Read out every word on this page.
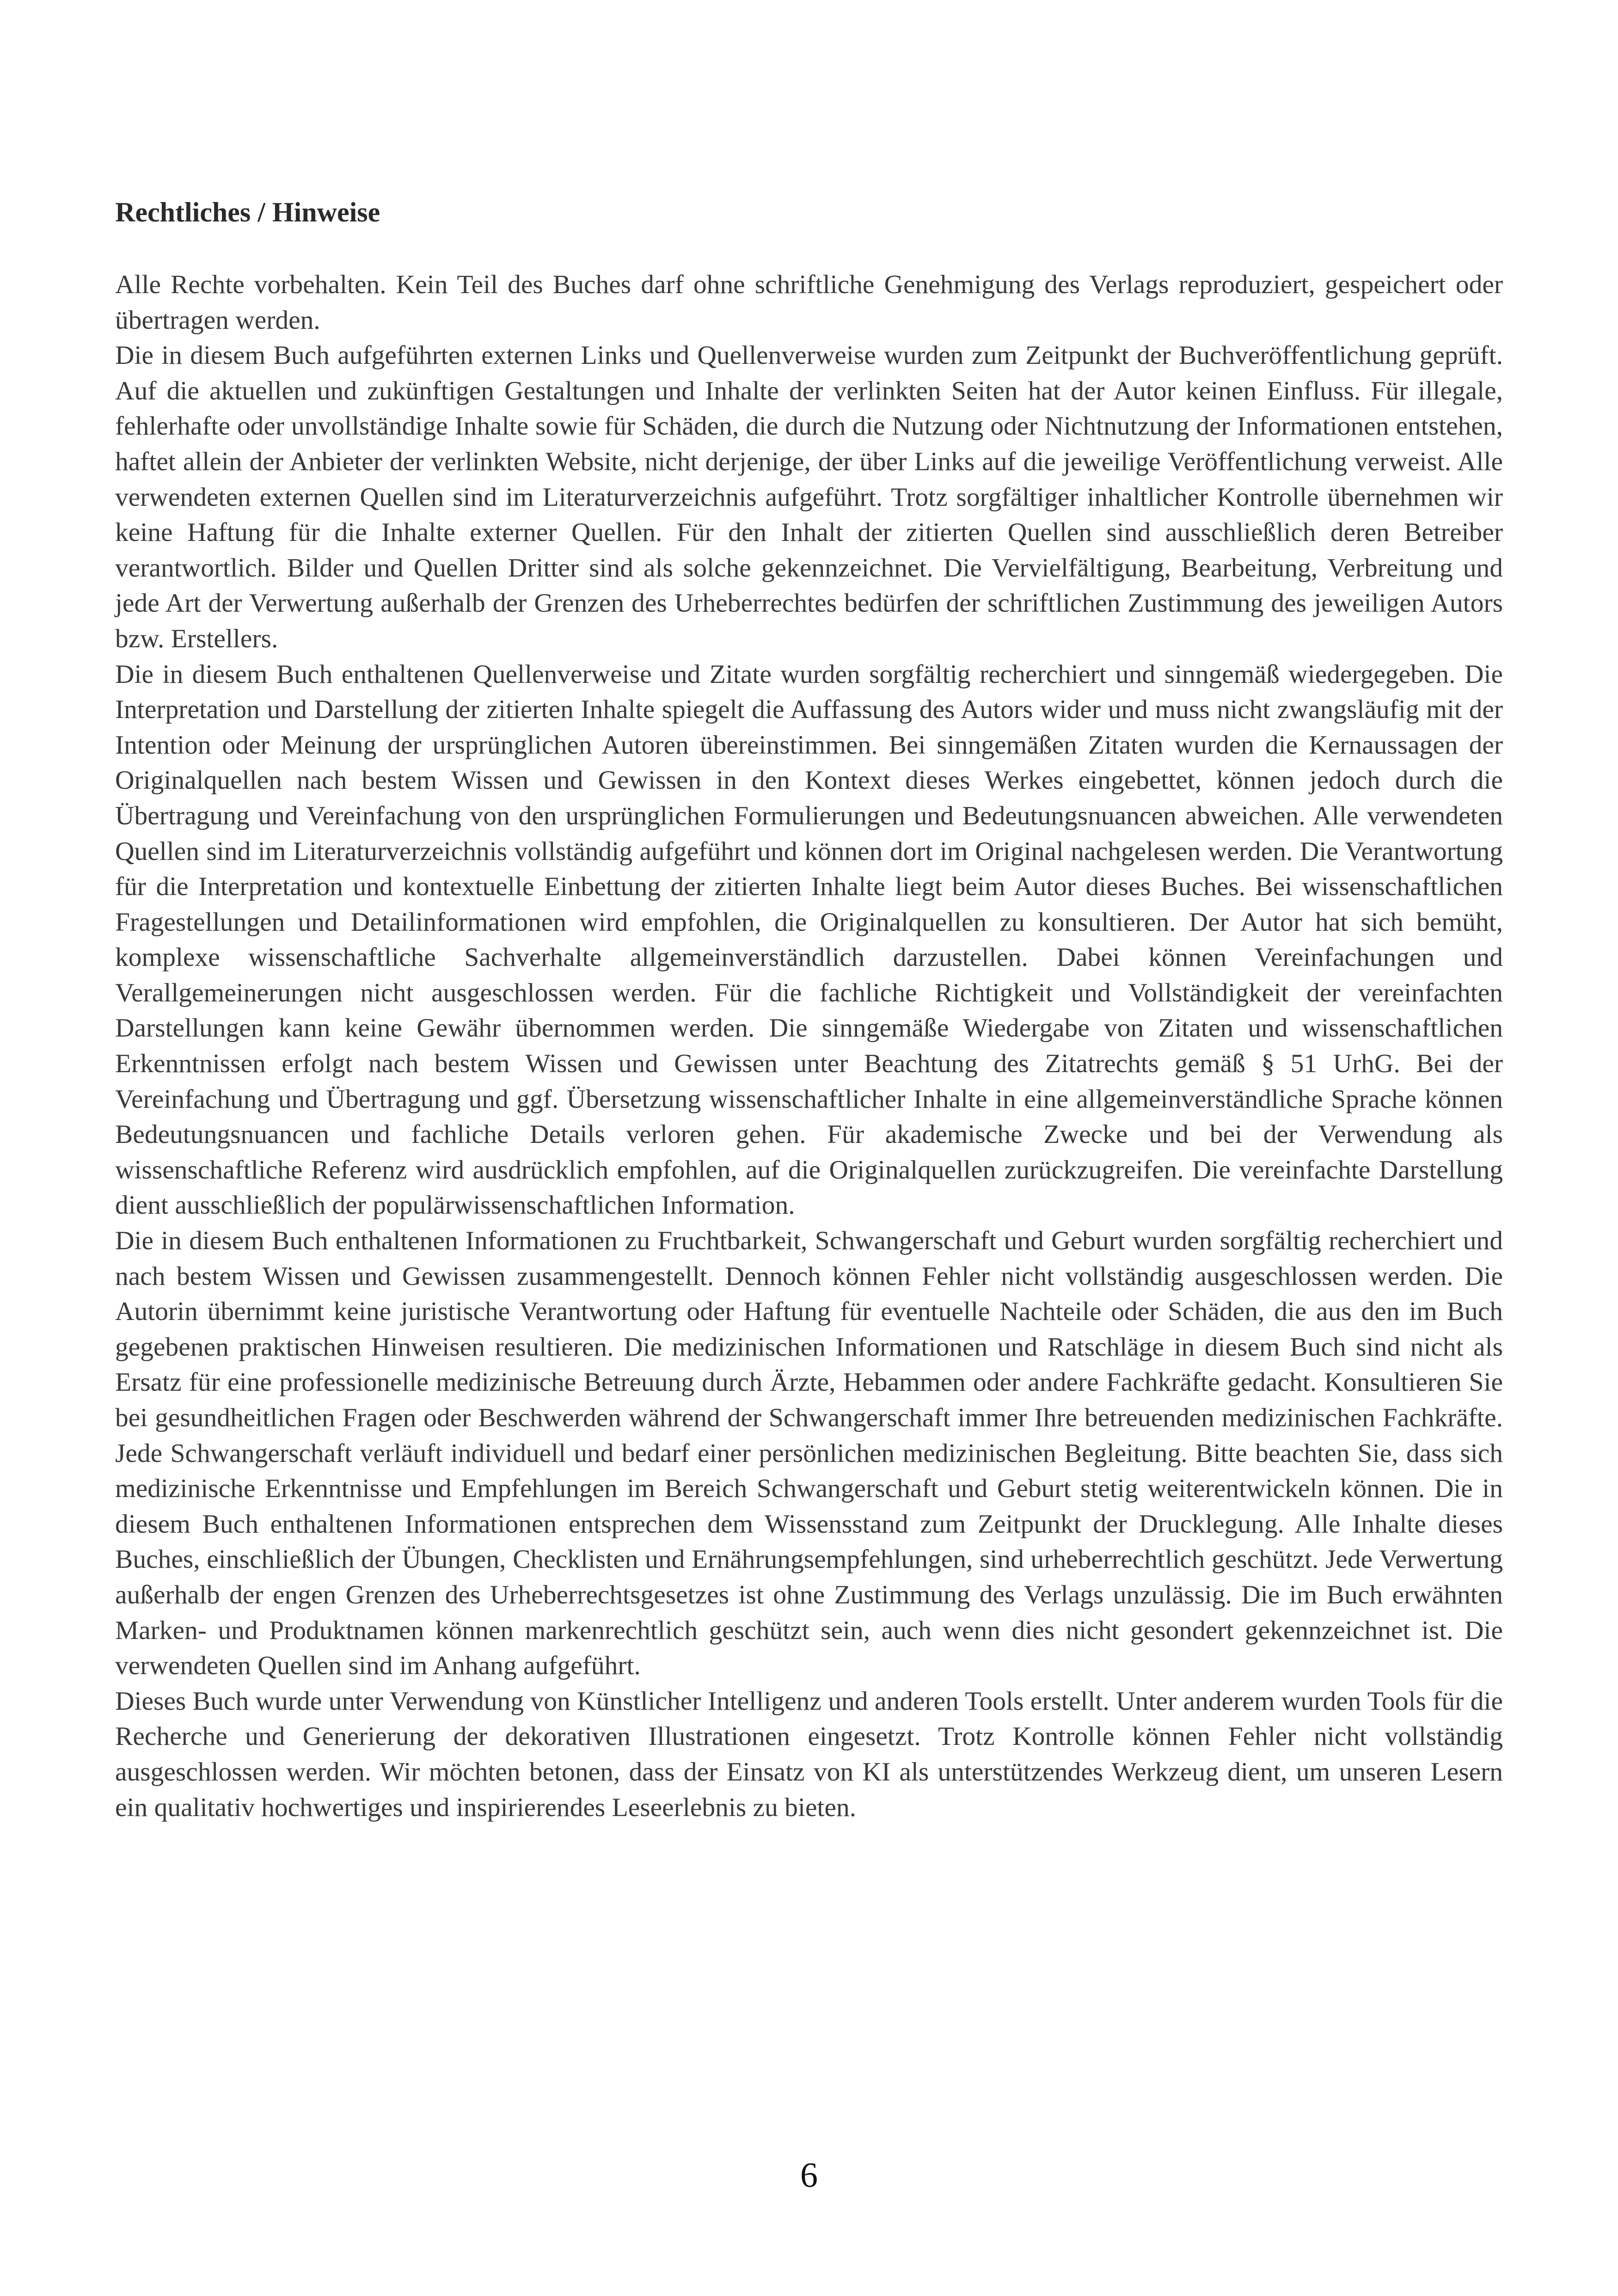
Rechtliches / Hinweise

Alle Rechte vorbehalten. Kein Teil des Buches darf ohne schriftliche Genehmigung des Verlags reproduziert, gespeichert oder übertragen werden.

Die in diesem Buch aufgeführten externen Links und Quellenverweise wurden zum Zeitpunkt der Buchveröffentlichung geprüft. Auf die aktuellen und zukünftigen Gestaltungen und Inhalte der verlinkten Seiten hat der Autor keinen Einfluss. Für illegale, fehlerhafte oder unvollständige Inhalte sowie für Schäden, die durch die Nutzung oder Nichtnutzung der Informationen entstehen, haftet allein der Anbieter der verlinkten Website, nicht derjenige, der über Links auf die jeweilige Veröffentlichung verweist. Alle verwendeten externen Quellen sind im Literaturverzeichnis aufgeführt. Trotz sorgfältiger inhaltlicher Kontrolle übernehmen wir keine Haftung für die Inhalte externer Quellen. Für den Inhalt der zitierten Quellen sind ausschließlich deren Betreiber verantwortlich. Bilder und Quellen Dritter sind als solche gekennzeichnet. Die Vervielfältigung, Bearbeitung, Verbreitung und jede Art der Verwertung außerhalb der Grenzen des Urheberrechtes bedürfen der schriftlichen Zustimmung des jeweiligen Autors bzw. Erstellers.

Die in diesem Buch enthaltenen Quellenverweise und Zitate wurden sorgfältig recherchiert und sinngemäß wiedergegeben. Die Interpretation und Darstellung der zitierten Inhalte spiegelt die Auffassung des Autors wider und muss nicht zwangsläufig mit der Intention oder Meinung der ursprünglichen Autoren übereinstimmen. Bei sinngemäßen Zitaten wurden die Kernaussagen der Originalquellen nach bestem Wissen und Gewissen in den Kontext dieses Werkes eingebettet, können jedoch durch die Übertragung und Vereinfachung von den ursprünglichen Formulierungen und Bedeutungsnuancen abweichen. Alle verwendeten Quellen sind im Literaturverzeichnis vollständig aufgeführt und können dort im Original nachgelesen werden. Die Verantwortung für die Interpretation und kontextuelle Einbettung der zitierten Inhalte liegt beim Autor dieses Buches. Bei wissenschaftlichen Fragestellungen und Detailinformationen wird empfohlen, die Originalquellen zu konsultieren. Der Autor hat sich bemüht, komplexe wissenschaftliche Sachverhalte allgemeinverständlich darzustellen. Dabei können Vereinfachungen und Verallgemeinerungen nicht ausgeschlossen werden. Für die fachliche Richtigkeit und Vollständigkeit der vereinfachten Darstellungen kann keine Gewähr übernommen werden. Die sinngemäße Wiedergabe von Zitaten und wissenschaftlichen Erkenntnissen erfolgt nach bestem Wissen und Gewissen unter Beachtung des Zitatrechts gemäß § 51 UrhG. Bei der Vereinfachung und Übertragung und ggf. Übersetzung wissenschaftlicher Inhalte in eine allgemeinverständliche Sprache können Bedeutungsnuancen und fachliche Details verloren gehen. Für akademische Zwecke und bei der Verwendung als wissenschaftliche Referenz wird ausdrücklich empfohlen, auf die Originalquellen zurückzugreifen. Die vereinfachte Darstellung dient ausschließlich der populärwissenschaftlichen Information.

Die in diesem Buch enthaltenen Informationen zu Fruchtbarkeit, Schwangerschaft und Geburt wurden sorgfältig recherchiert und nach bestem Wissen und Gewissen zusammengestellt. Dennoch können Fehler nicht vollständig ausgeschlossen werden. Die Autorin übernimmt keine juristische Verantwortung oder Haftung für eventuelle Nachteile oder Schäden, die aus den im Buch gegebenen praktischen Hinweisen resultieren. Die medizinischen Informationen und Ratschläge in diesem Buch sind nicht als Ersatz für eine professionelle medizinische Betreuung durch Ärzte, Hebammen oder andere Fachkräfte gedacht. Konsultieren Sie bei gesundheitlichen Fragen oder Beschwerden während der Schwangerschaft immer Ihre betreuenden medizinischen Fachkräfte. Jede Schwangerschaft verläuft individuell und bedarf einer persönlichen medizinischen Begleitung. Bitte beachten Sie, dass sich medizinische Erkenntnisse und Empfehlungen im Bereich Schwangerschaft und Geburt stetig weiterentwickeln können. Die in diesem Buch enthaltenen Informationen entsprechen dem Wissensstand zum Zeitpunkt der Drucklegung. Alle Inhalte dieses Buches, einschließlich der Übungen, Checklisten und Ernährungsempfehlungen, sind urheberrechtlich geschützt. Jede Verwertung außerhalb der engen Grenzen des Urheberrechtsgesetzes ist ohne Zustimmung des Verlags unzulässig. Die im Buch erwähnten Marken- und Produktnamen können markenrechtlich geschützt sein, auch wenn dies nicht gesondert gekennzeichnet ist. Die verwendeten Quellen sind im Anhang aufgeführt.

Dieses Buch wurde unter Verwendung von Künstlicher Intelligenz und anderen Tools erstellt. Unter anderem wurden Tools für die Recherche und Generierung der dekorativen Illustrationen eingesetzt. Trotz Kontrolle können Fehler nicht vollständig ausgeschlossen werden. Wir möchten betonen, dass der Einsatz von KI als unterstützendes Werkzeug dient, um unseren Lesern ein qualitativ hochwertiges und inspirierendes Leseerlebnis zu bieten.

6
